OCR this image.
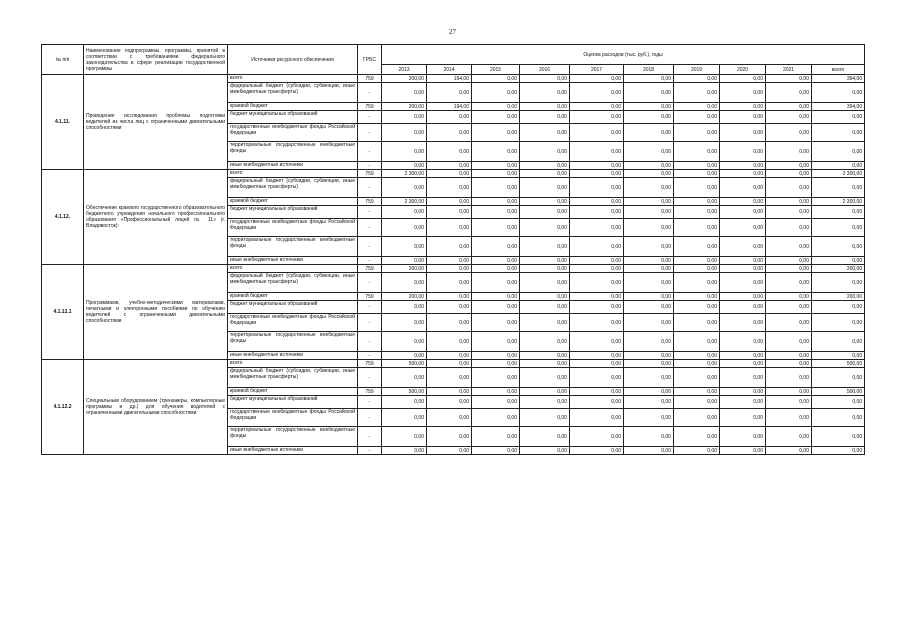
27
№ п/п	Наименование подпрограммы, программы, принятой в соответствии с требованиями федерального законодательства в сфере реализации государственной программы	Источники ресурсного обеспечения	ГРБС	Оценка расходов (тыс. руб.), годы									
				2013	2014	2015	2016	2017	2018	2019	2020	2021	всего
4.1.11.	Проведение исследования проблемы подготовки водителей из числа лиц с ограниченными двигательными способностями	всего	759	200,00	194,00	0,00	0,00	0,00	0,00	0,00	0,00	0,00	394,00
		федеральный бюджет (субсидии, субвенции, иные межбюджетные трансферты)	-	0,00	0,00	0,00	0,00	0,00	0,00	0,00	0,00	0,00	0,00
		краевой бюджет	759	200,00	194,00	0,00	0,00	0,00	0,00	0,00	0,00	0,00	394,00
		бюджет муниципальных образований	-	0,00	0,00	0,00	0,00	0,00	0,00	0,00	0,00	0,00	0,00
		государственные внебюджетные фонды Российской Федерации	-	0,00	0,00	0,00	0,00	0,00	0,00	0,00	0,00	0,00	0,00
		территориальные государственные внебюджетные фонды	-	0,00	0,00	0,00	0,00	0,00	0,00	0,00	0,00	0,00	0,00
		иные внебюджетные источники	-	0,00	0,00	0,00	0,00	0,00	0,00	0,00	0,00	0,00	0,00
4.1.12.	Обеспечение краевого государственного образовательного бюджетного учреждения начального профессионального образования «Профессиональный лицей № 11» (г. Владивосток):	всего	759	2 300,00	0,00	0,00	0,00	0,00	0,00	0,00	0,00	0,00	2 300,00
		федеральный бюджет (субсидии, субвенции, иные межбюджетные трансферты)	-	0,00	0,00	0,00	0,00	0,00	0,00	0,00	0,00	0,00	0,00
		краевой бюджет	759	2 300,00	0,00	0,00	0,00	0,00	0,00	0,00	0,00	0,00	2 300,00
		бюджет муниципальных образований	-	0,00	0,00	0,00	0,00	0,00	0,00	0,00	0,00	0,00	0,00
		государственные внебюджетные фонды Российской Федерации	-	0,00	0,00	0,00	0,00	0,00	0,00	0,00	0,00	0,00	0,00
		территориальные государственные внебюджетные фонды	-	0,00	0,00	0,00	0,00	0,00	0,00	0,00	0,00	0,00	0,00
		иные внебюджетные источники	-	0,00	0,00	0,00	0,00	0,00	0,00	0,00	0,00	0,00	0,00
4.1.12.1	Программами, учебно-методическими материалами, печатными и электронными пособиями по обучению водителей с ограниченными двигательными способностями	всего	759	200,00	0,00	0,00	0,00	0,00	0,00	0,00	0,00	0,00	200,00
		федеральный бюджет (субсидии, субвенции, иные межбюджетные трансферты)	-	0,00	0,00	0,00	0,00	0,00	0,00	0,00	0,00	0,00	0,00
		краевой бюджет	759	200,00	0,00	0,00	0,00	0,00	0,00	0,00	0,00	0,00	200,00
		бюджет муниципальных образований	-	0,00	0,00	0,00	0,00	0,00	0,00	0,00	0,00	0,00	0,00
		государственные внебюджетные фонды Российской Федерации	-	0,00	0,00	0,00	0,00	0,00	0,00	0,00	0,00	0,00	0,00
		территориальные государственные внебюджетные фонды	-	0,00	0,00	0,00	0,00	0,00	0,00	0,00	0,00	0,00	0,00
		иные внебюджетные источники	-	0,00	0,00	0,00	0,00	0,00	0,00	0,00	0,00	0,00	0,00
4.1.12.2	Специальным оборудованием (тренажеры, компьютерные программы и др.) для обучения водителей с ограниченными двигательными способностями	всего	759	500,00	0,00	0,00	0,00	0,00	0,00	0,00	0,00	0,00	500,00
		федеральный бюджет (субсидии, субвенции, иные межбюджетные трансферты)	-	0,00	0,00	0,00	0,00	0,00	0,00	0,00	0,00	0,00	0,00
		краевой бюджет	759	500,00	0,00	0,00	0,00	0,00	0,00	0,00	0,00	0,00	500,00
		бюджет муниципальных образований	-	0,00	0,00	0,00	0,00	0,00	0,00	0,00	0,00	0,00	0,00
		государственные внебюджетные фонды Российской Федерации	-	0,00	0,00	0,00	0,00	0,00	0,00	0,00	0,00	0,00	0,00
		территориальные государственные внебюджетные фонды	-	0,00	0,00	0,00	0,00	0,00	0,00	0,00	0,00	0,00	0,00
		иные внебюджетные источники	-	0,00	0,00	0,00	0,00	0,00	0,00	0,00	0,00	0,00	0,00
